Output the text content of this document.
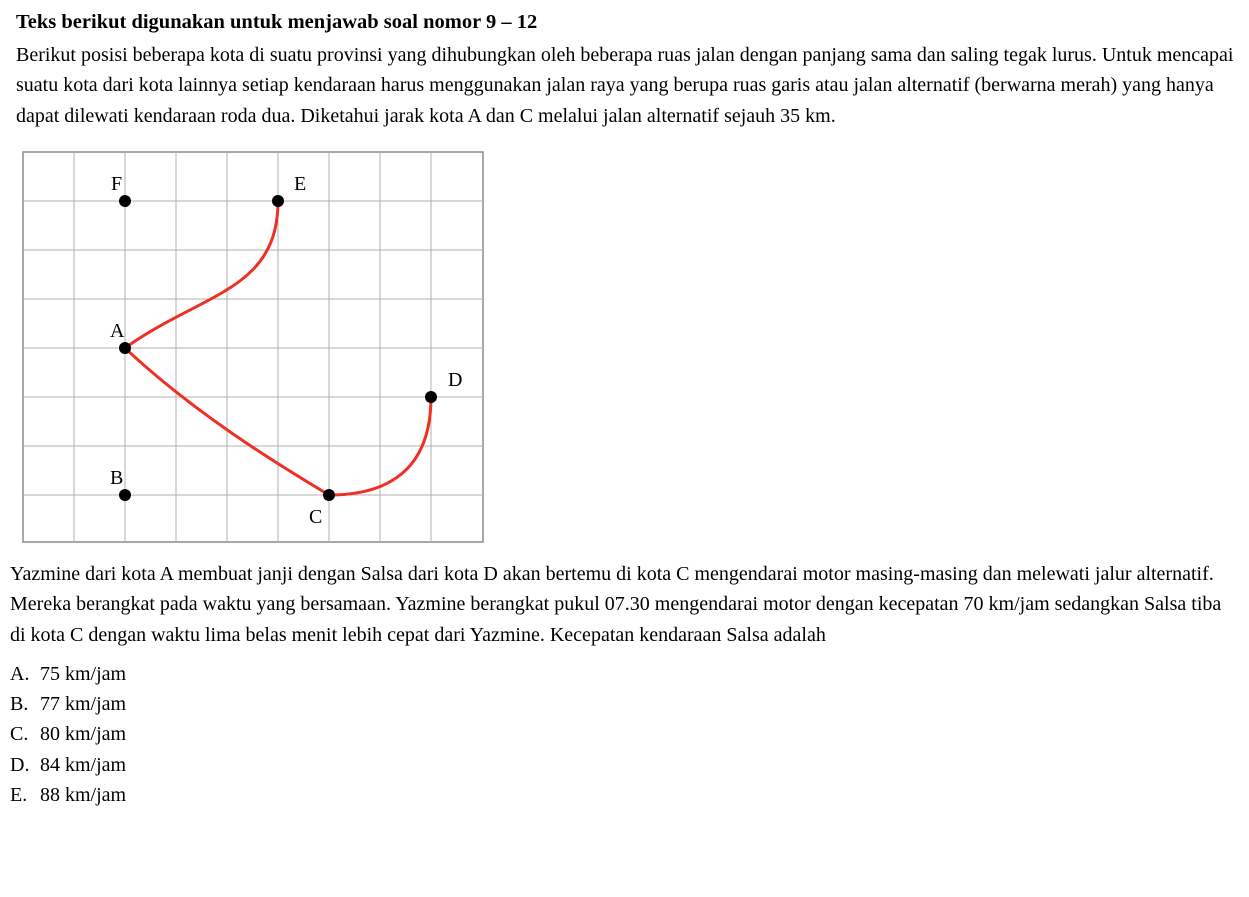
Teks berikut digunakan untuk menjawab soal nomor 9 – 12

Berikut posisi beberapa kota di suatu provinsi yang dihubungkan oleh beberapa ruas jalan dengan panjang sama dan saling tegak lurus. Untuk mencapai suatu kota dari kota lainnya setiap kendaraan harus menggunakan jalan raya yang berupa ruas garis atau jalan alternatif (berwarna merah) yang hanya dapat dilewati kendaraan roda dua. Diketahui jarak kota A dan C melalui jalan alternatif sejauh 35 km.

F	E
A
D
B
C

Yazmine dari kota A membuat janji dengan Salsa dari kota D akan bertemu di kota C mengendarai motor masing-masing dan melewati jalur alternatif. Mereka berangkat pada waktu yang bersamaan. Yazmine berangkat pukul 07.30 mengendarai motor dengan kecepatan 70 km/jam sedangkan Salsa tiba di kota C dengan waktu lima belas menit lebih cepat dari Yazmine. Kecepatan kendaraan Salsa adalah

A. 75 km/jam
B. 77 km/jam
C. 80 km/jam
D. 84 km/jam
E. 88 km/jam
